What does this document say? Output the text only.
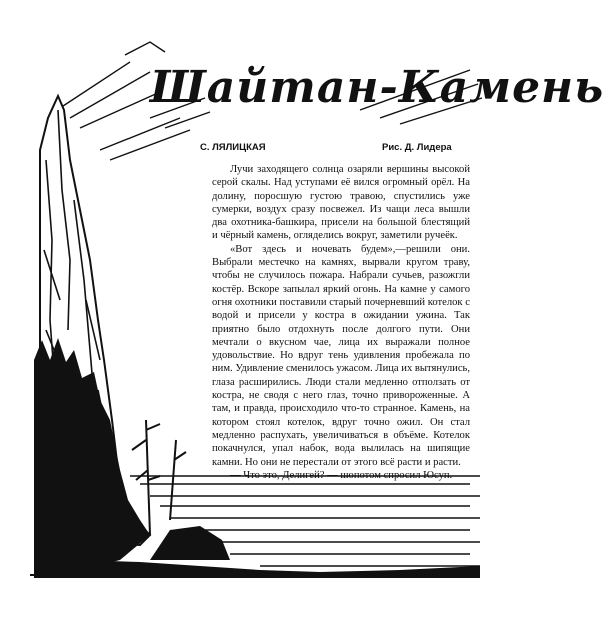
Шайтан-Камень

С. ЛЯЛИЦКАЯ	Рис. Д. Лидера

Лучи заходящего солнца озаряли вершины высокой серой скалы. Над уступами её вился огромный орёл. На долину, поросшую густою травою, спустились уже сумерки, воздух сразу посвежел. Из чащи леса вышли два охотника-башкира, присели на большой блестящий и чёрный камень, огляделись вокруг, заметили ручеёк.

«Вот здесь и ночевать будем»,—решили они. Выбрали местечко на камнях, вырвали кругом траву, чтобы не случилось пожара. Набрали сучьев, разожгли костёр. Вскоре запылал яркий огонь. На камне у самого огня охотники поставили старый почерневший котелок с водой и присели у костра в ожидании ужина. Так приятно было отдохнуть после долгого пути. Они мечтали о вкусном чае, лица их выражали полное удовольствие. Но вдруг тень удивления пробежала по ним. Удивление сменилось ужасом. Лица их вытянулись, глаза расширились. Люди стали медленно отползать от костра, не сводя с него глаз, точно привороженные. А там, и правда, происходило что-то странное. Камень, на котором стоял котелок, вдруг точно ожил. Он стал медленно распухать, увеличиваться в объёме. Котелок покачнулся, упал набок, вода вылилась на шипящие камни. Но они не перестали от этого всё расти и расти.

— Что это, Делигей? — шопотом спросил Юсуп.
